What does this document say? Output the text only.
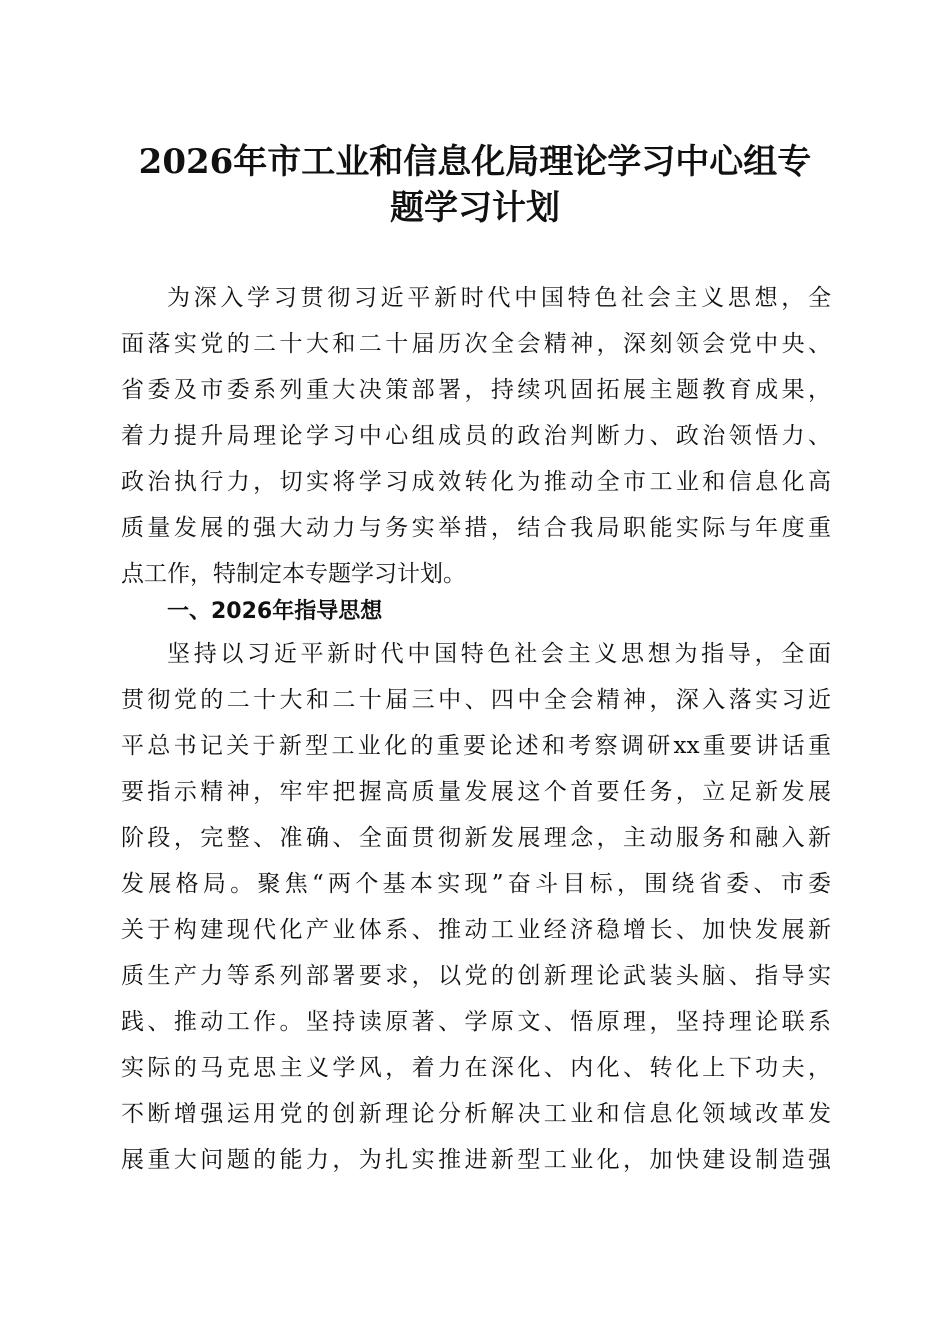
2026年市工业和信息化局理论学习中心组专
题学习计划

为深入学习贯彻习近平新时代中国特色社会主义思想，全

面落实党的二十大和二十届历次全会精神，深刻领会党中央、

省委及市委系列重大决策部署，持续巩固拓展主题教育成果，

着力提升局理论学习中心组成员的政治判断力、政治领悟力、

政治执行力，切实将学习成效转化为推动全市工业和信息化高

质量发展的强大动力与务实举措，结合我局职能实际与年度重

点工作，特制定本专题学习计划。

一、2026年指导思想

坚持以习近平新时代中国特色社会主义思想为指导，全面

贯彻党的二十大和二十届三中、四中全会精神，深入落实习近

平总书记关于新型工业化的重要论述和考察调研xx重要讲话重

要指示精神，牢牢把握高质量发展这个首要任务，立足新发展

阶段，完整、准确、全面贯彻新发展理念，主动服务和融入新

发展格局。聚焦“两个基本实现”奋斗目标，围绕省委、市委

关于构建现代化产业体系、推动工业经济稳增长、加快发展新

质生产力等系列部署要求，以党的创新理论武装头脑、指导实

践、推动工作。坚持读原著、学原文、悟原理，坚持理论联系

实际的马克思主义学风，着力在深化、内化、转化上下功夫，

不断增强运用党的创新理论分析解决工业和信息化领域改革发

展重大问题的能力，为扎实推进新型工业化，加快建设制造强
